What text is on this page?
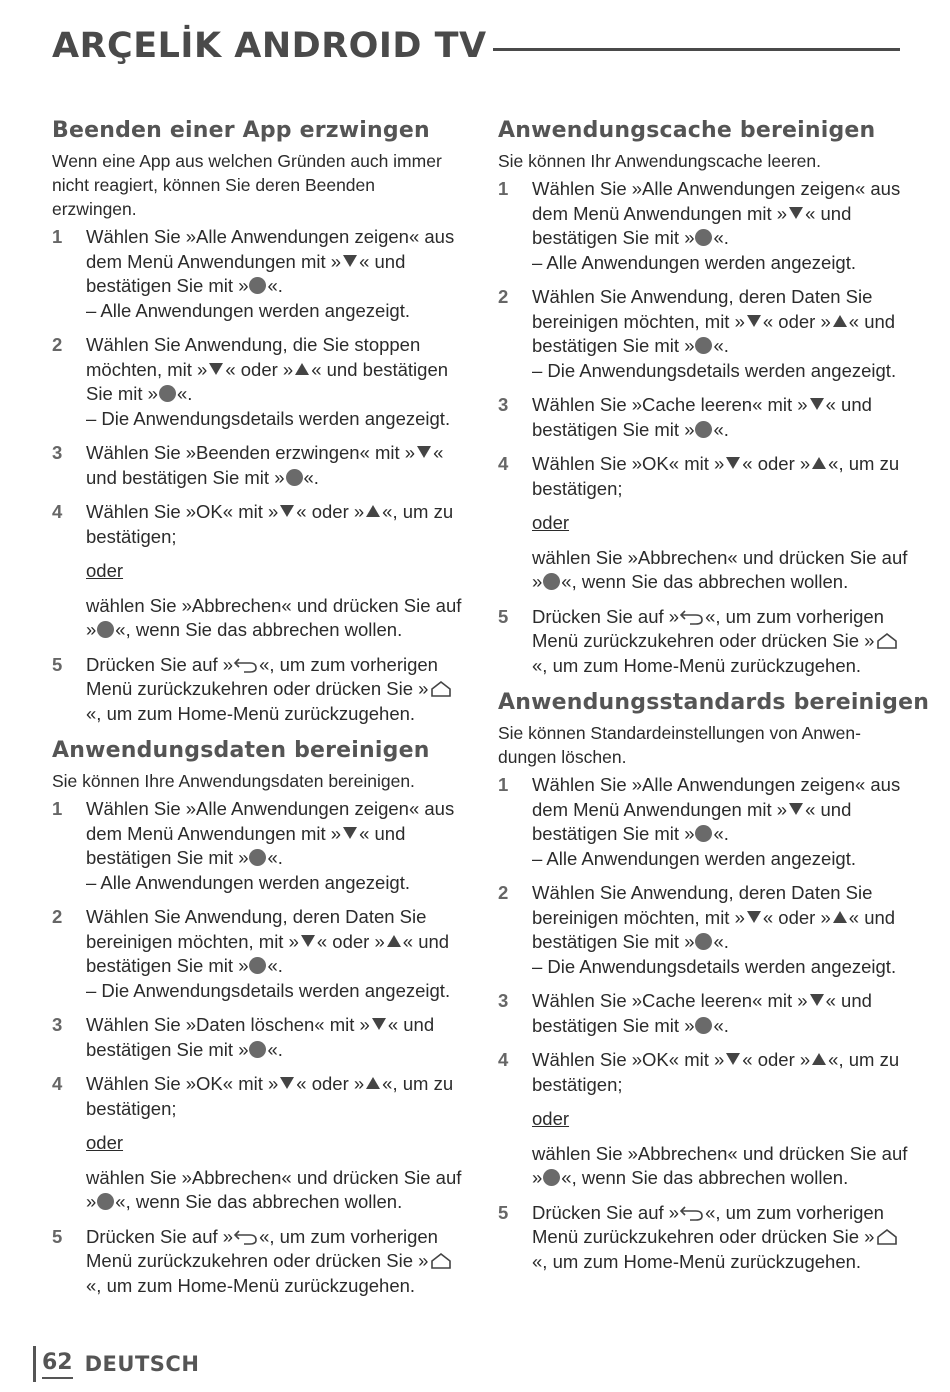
ARÇELİK ANDROID TV
Beenden einer App erzwingen

Wenn eine App aus welchen Gründen auch immer nicht reagiert, können Sie deren Beenden erzwingen.

1	Wählen Sie »Alle Anwendungen zeigen« aus dem Menü Anwendungen mit » « und bestätigen Sie mit » «.

– Alle Anwendungen werden angezeigt.

2	Wählen Sie Anwendung, die Sie stoppen möchten, mit » « oder » « und bestätigen Sie mit » «.

– Die Anwendungsdetails werden angezeigt.

3	Wählen Sie »Beenden erzwingen« mit » « und bestätigen Sie mit » «.

4	Wählen Sie »OK« mit » « oder » «, um zu bestätigen;

oder

wählen Sie »Abbrechen« und drücken Sie auf » «, wenn Sie das abbrechen wollen.

5	Drücken Sie auf » «, um zum vorherigen Menü zurückzukehren oder drücken Sie »«, um zum Home-Menü zurückzugehen.

Anwendungsdaten bereinigen

Sie können Ihre Anwendungsdaten bereinigen.

1	Wählen Sie »Alle Anwendungen zeigen« aus dem Menü Anwendungen mit » « und bestätigen Sie mit » «.

– Alle Anwendungen werden angezeigt.

2	Wählen Sie Anwendung, deren Daten Sie bereinigen möchten, mit » « oder » « und bestätigen Sie mit » «.

– Die Anwendungsdetails werden angezeigt.

3	Wählen Sie »Daten löschen« mit » « und bestätigen Sie mit » «.

4	Wählen Sie »OK« mit » « oder » «, um zu bestätigen;

oder

wählen Sie »Abbrechen« und drücken Sie auf » «, wenn Sie das abbrechen wollen.

5	Drücken Sie auf » «, um zum vorherigen Menü zurückzukehren oder drücken Sie »«, um zum Home-Menü zurückzugehen.

Anwendungscache bereinigen

Sie können Ihr Anwendungscache leeren.

1	Wählen Sie »Alle Anwendungen zeigen« aus dem Menü Anwendungen mit » « und bestätigen Sie mit » «.

– Alle Anwendungen werden angezeigt.

2	Wählen Sie Anwendung, deren Daten Sie bereinigen möchten, mit » « oder » « und bestätigen Sie mit » «.

– Die Anwendungsdetails werden angezeigt.

3	Wählen Sie »Cache leeren« mit » « und bestätigen Sie mit » «.

4	Wählen Sie »OK« mit » « oder » «, um zu bestätigen;

oder

wählen Sie »Abbrechen« und drücken Sie auf » «, wenn Sie das abbrechen wollen.

5	Drücken Sie auf » «, um zum vorherigen Menü zurückzukehren oder drücken Sie »«, um zum Home-Menü zurückzugehen.

Anwendungsstandards bereinigen

Sie können Standardeinstellungen von Anwendungen löschen.

1	Wählen Sie »Alle Anwendungen zeigen« aus dem Menü Anwendungen mit » « und bestätigen Sie mit » «.

– Alle Anwendungen werden angezeigt.

2	Wählen Sie Anwendung, deren Daten Sie bereinigen möchten, mit » « oder » « und bestätigen Sie mit » «.

– Die Anwendungsdetails werden angezeigt.

3	Wählen Sie »Cache leeren« mit » « und bestätigen Sie mit » «.

4	Wählen Sie »OK« mit » « oder » «, um zu bestätigen;

oder

wählen Sie »Abbrechen« und drücken Sie auf » «, wenn Sie das abbrechen wollen.

5	Drücken Sie auf » «, um zum vorherigen Menü zurückzukehren oder drücken Sie »«, um zum Home-Menü zurückzugehen.

62 DEUTSCH
